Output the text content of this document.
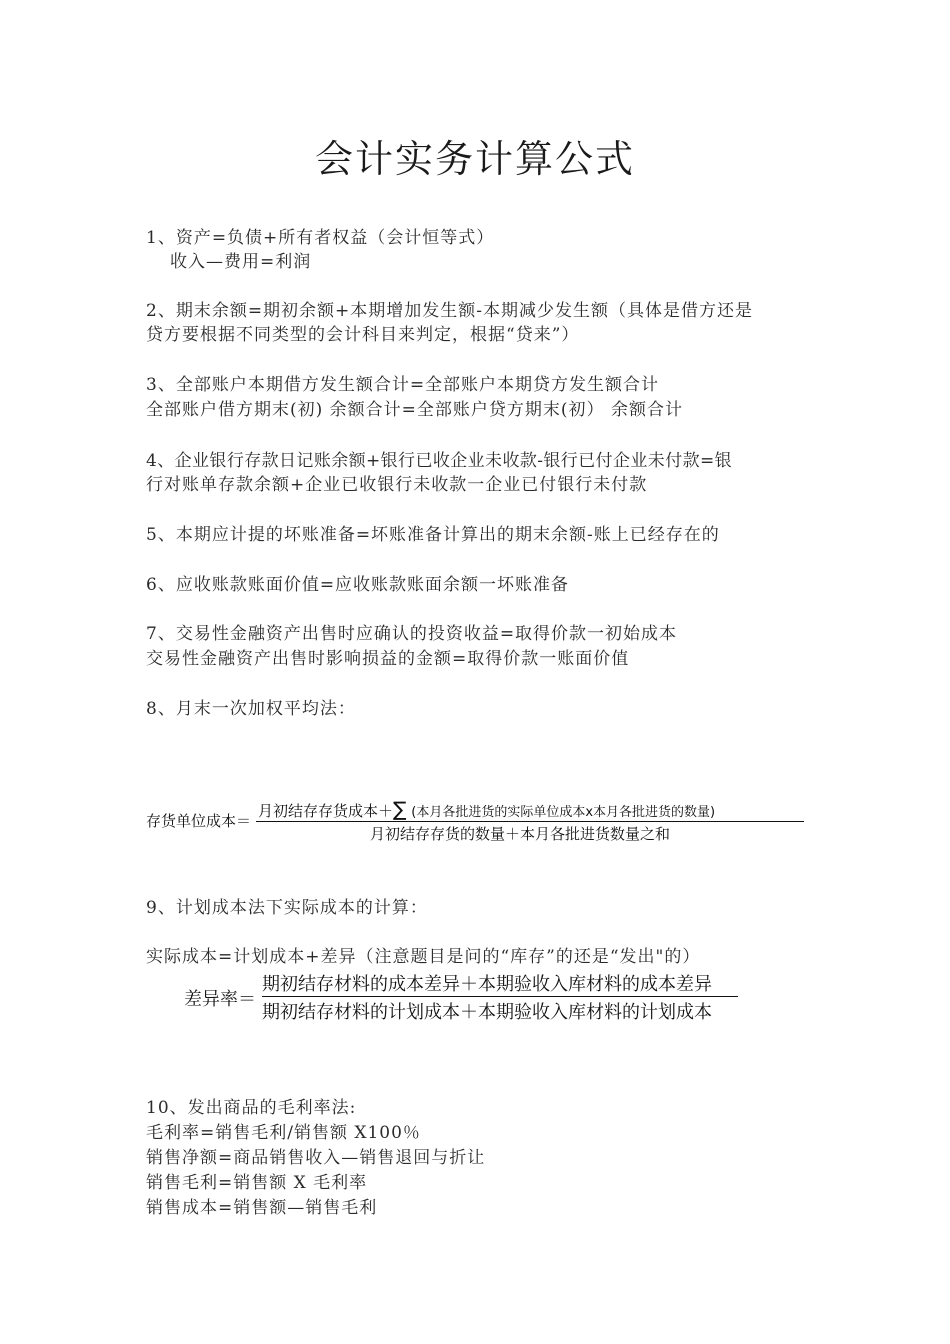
会计实务计算公式
1、资产=负债+所有者权益（会计恒等式）
收入—费用=利润
2、期末余额=期初余额+本期增加发生额-本期减少发生额（具体是借方还是
贷方要根据不同类型的会计科目来判定，根据“贷来”）
3、全部账户本期借方发生额合计=全部账户本期贷方发生额合计
全部账户借方期末(初) 余额合计=全部账户贷方期末(初） 余额合计
4、企业银行存款日记账余额+银行已收企业未收款-银行已付企业未付款=银
行对账单存款余额+企业已收银行未收款一企业已付银行未付款
5、本期应计提的坏账准备=坏账准备计算出的期末余额-账上已经存在的
6、应收账款账面价值=应收账款账面余额一坏账准备
7、交易性金融资产出售时应确认的投资收益=取得价款一初始成本
交易性金融资产出售时影响损益的金额=取得价款一账面价值
8、月末一次加权平均法：
存货单位成本＝
月初结存存货成本＋∑ (本月各批进货的实际单位成本x本月各批进货的数量)
月初结存存货的数量＋本月各批进货数量之和
9、计划成本法下实际成本的计算：
实际成本=计划成本+差异（注意题目是问的“库存”的还是“发出"的）
差异率＝
期初结存材料的成本差异＋本期验收入库材料的成本差异
期初结存材料的计划成本＋本期验收入库材料的计划成本
10、发出商品的毛利率法:
毛利率=销售毛利/销售额 X100％
销售净额=商品销售收入—销售退回与折让
销售毛利=销售额 X 毛利率
销售成本=销售额—销售毛利
